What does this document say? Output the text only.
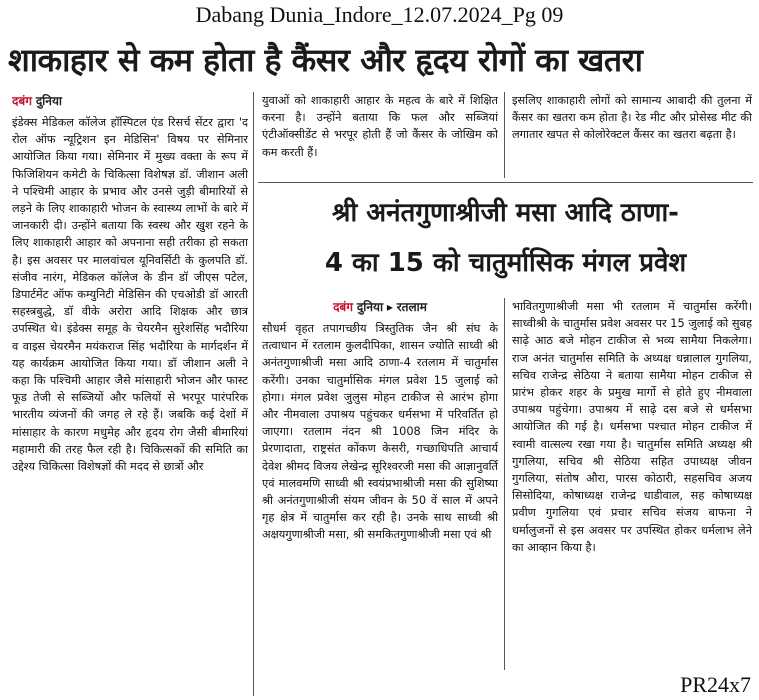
Dabang Dunia_Indore_12.07.2024_Pg 09
शाकाहार से कम होता है कैंसर और हृदय रोगों का खतरा
दबंग दुनिया

इंडेक्स मेडिकल कॉलेज हॉस्पिटल एंड रिसर्च सेंटर द्वारा 'द रोल ऑफ न्यूट्रिशन इन मेडिसिन' विषय पर सेमिनार आयोजित किया गया। सेमिनार में मुख्य वक्ता के रूप में फिजिशियन कमेटी के चिकित्सा विशेषज्ञ डॉ. जीशान अली ने पश्चिमी आहार के प्रभाव और उनसे जुड़ी बीमारियों से लड़ने के लिए शाकाहारी भोजन के स्वास्थ्य लाभों के बारे में जानकारी दी। उन्होंने बताया कि स्वस्थ और खुश रहने के लिए शाकाहारी आहार को अपनाना सही तरीका हो सकता है। इस अवसर पर मालवांचल यूनिवर्सिटी के कुलपति डॉ. संजीव नारंग, मेडिकल कॉलेज के डीन डॉ जीएस पटेल, डिपार्टमेंट ऑफ कम्युनिटी मेडिसिन की एचओडी डॉ आरती सहस्त्रबुद्धे, डॉ वीके अरोरा आदि शिक्षक और छात्र उपस्थित थे। इंडेक्स समूह के चेयरमैन सुरेशसिंह भदौरिया व वाइस चेयरमैन मयंकराज सिंह भदौरिया के मार्गदर्शन में यह कार्यक्रम आयोजित किया गया। डॉ जीशान अली ने कहा कि पश्चिमी आहार जैसे मांसाहारी भोजन और फास्ट फूड तेजी से सब्जियों और फलियों से भरपूर पारंपरिक भारतीय व्यंजनों की जगह ले रहे हैं। जबकि कई देशों में मांसाहार के कारण मधुमेह और हृदय रोग जैसी बीमारियां महामारी की तरह फैल रही है। चिकित्सकों की समिति का उद्देश्य चिकित्सा विशेषज्ञों की मदद से छात्रों और

युवाओं को शाकाहारी आहार के महत्व के बारे में शिक्षित करना है। उन्होंने बताया कि फल और सब्जियां एंटीऑक्सीडेंट से भरपूर होती हैं जो कैंसर के जोखिम को कम करती हैं।

इसलिए शाकाहारी लोगों को सामान्य आबादी की तुलना में कैंसर का खतरा कम होता है। रेड मीट और प्रोसेस्ड मीट की लगातार खपत से कोलोरेक्टल कैंसर का खतरा बढ़ता है।

श्री अनंतगुणाश्रीजी मसा आदि ठाणा-
4 का 15 को चातुर्मासिक मंगल प्रवेश
दबंग दुनिया ▸ रतलाम

सौधर्म वृहत तपागच्छीय त्रिस्तुतिक जैन श्री संघ के तत्वाधान में रतलाम कुलदीपिका, शासन ज्योति साध्वी श्री अनंतगुणाश्रीजी मसा आदि ठाणा-4 रतलाम में चातुर्मास करेंगी। उनका चातुर्मासिक मंगल प्रवेश 15 जुलाई को होगा। मंगल प्रवेश जुलुस मोहन टाकीज से आरंभ होगा और नीमवाला उपाश्रय पहुंचकर धर्मसभा में परिवर्तित हो जाएगा। रतलाम नंदन श्री 1008 जिन मंदिर के प्रेरणादाता, राष्ट्रसंत कोंकण केसरी, गच्छाधिपति आचार्य देवेश श्रीमद विजय लेखेन्द्र सूरिश्वरजी मसा की आज्ञानुवर्ति एवं मालवमणि साध्वी श्री स्वयंप्रभाश्रीजी मसा की सुशिष्या श्री अनंतगुणाश्रीजी संयम जीवन के 50 वें साल में अपने गृह क्षेत्र में चातुर्मास कर रही है। उनके साथ साध्वी श्री अक्षयगुणाश्रीजी मसा, श्री समकितगुणाश्रीजी मसा एवं श्री

भावितगुणाश्रीजी मसा भी रतलाम में चातुर्मास करेंगी। साध्वीश्री के चातुर्मास प्रवेश अवसर पर 15 जुलाई को सुबह साढ़े आठ बजे मोहन टाकीज से भव्य सामैया निकलेगा। राज अनंत चातुर्मास समिति के अध्यक्ष धन्नालाल गुगलिया, सचिव राजेन्द्र सेठिया ने बताया सामैया मोहन टाकीज से प्रारंभ होकर शहर के प्रमुख मार्गो से होते हुए नीमवाला उपाश्रय पहुंचेगा। उपाश्रय में साढ़े दस बजे से धर्मसभा आयोजित की गई है। धर्मसभा पश्चात मोहन टाकीज में स्वामी वात्सल्य रखा गया है। चातुर्मास समिति अध्यक्ष श्री गुगलिया, सचिव श्री सेठिया सहित उपाध्यक्ष जीवन गुगलिया, संतोष औरा, पारस कोठारी, सहसचिव अजय सिसोदिया, कोषाध्यक्ष राजेन्द्र धाडीवाल, सह कोषाध्यक्ष प्रवीण गुगलिया एवं प्रचार सचिव संजय बाफना ने धर्मालुजनों से इस अवसर पर उपस्थित होकर धर्मलाभ लेने का आव्हान किया है।

PR24x7
